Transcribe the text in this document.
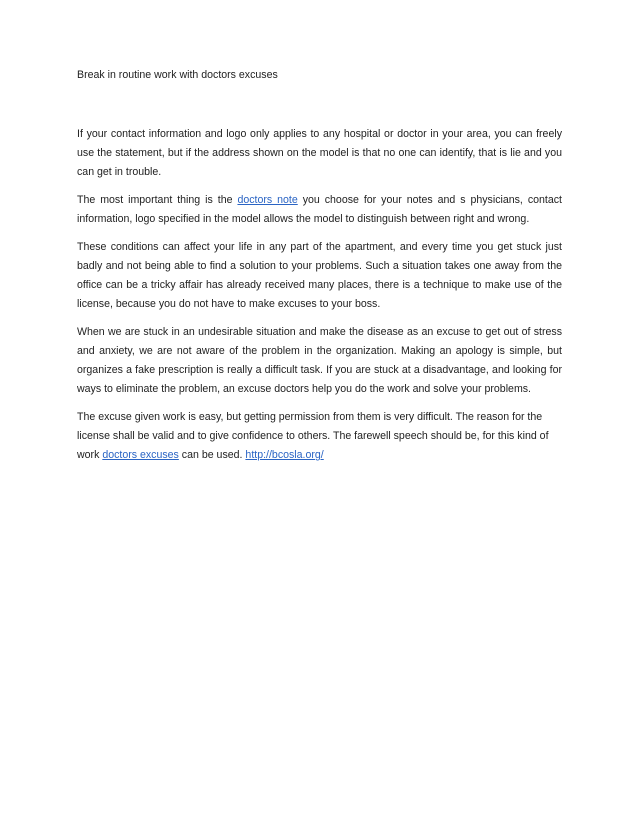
Break in routine work with doctors excuses

If your contact information and logo only applies to any hospital or doctor in your area, you can freely use the statement, but if the address shown on the model is that no one can identify, that is lie and you can get in trouble.

The most important thing is the doctors note you choose for your notes and s physicians, contact information, logo specified in the model allows the model to distinguish between right and wrong.

These conditions can affect your life in any part of the apartment, and every time you get stuck just badly and not being able to find a solution to your problems. Such a situation takes one away from the office can be a tricky affair has already received many places, there is a technique to make use of the license, because you do not have to make excuses to your boss.

When we are stuck in an undesirable situation and make the disease as an excuse to get out of stress and anxiety, we are not aware of the problem in the organization. Making an apology is simple, but organizes a fake prescription is really a difficult task. If you are stuck at a disadvantage, and looking for ways to eliminate the problem, an excuse doctors help you do the work and solve your problems.

The excuse given work is easy, but getting permission from them is very difficult. The reason for the license shall be valid and to give confidence to others. The farewell speech should be, for this kind of work doctors excuses can be used. http://bcosla.org/
